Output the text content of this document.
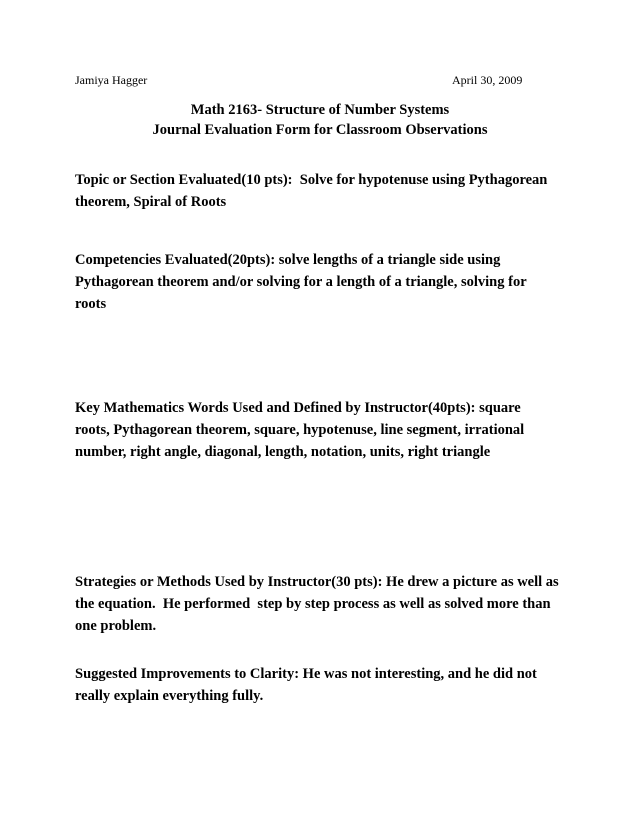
Jamiya Hagger	April 30, 2009
Math 2163- Structure of Number Systems
Journal Evaluation Form for Classroom Observations
Topic or Section Evaluated(10 pts):  Solve for hypotenuse using Pythagorean
theorem, Spiral of Roots
Competencies Evaluated(20pts): solve lengths of a triangle side using
Pythagorean theorem and/or solving for a length of a triangle, solving for
roots
Key Mathematics Words Used and Defined by Instructor(40pts): square
roots, Pythagorean theorem, square, hypotenuse, line segment, irrational
number, right angle, diagonal, length, notation, units, right triangle
Strategies or Methods Used by Instructor(30 pts): He drew a picture as well as
the equation.  He performed  step by step process as well as solved more than
one problem.
Suggested Improvements to Clarity: He was not interesting, and he did not
really explain everything fully.
